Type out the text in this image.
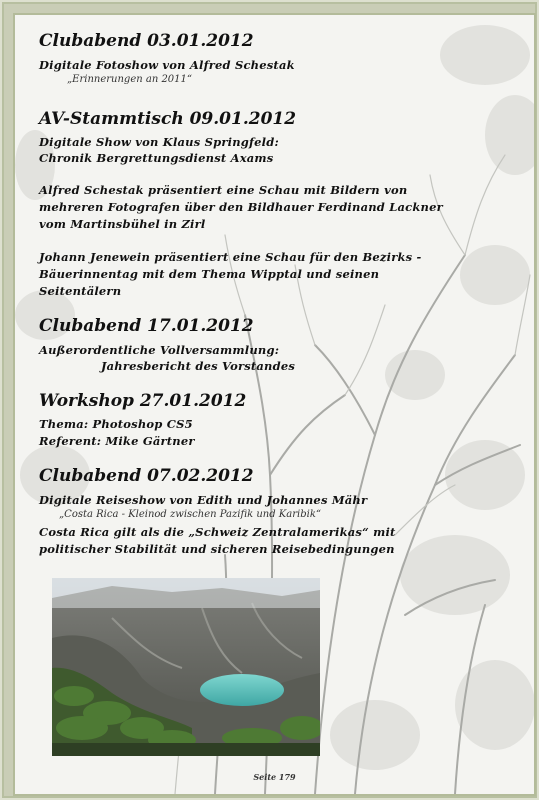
Clubabend 03.01.2012
Digitale Fotoshow von Alfred Schestak
„Erinnerungen an 2011“
AV-Stammtisch 09.01.2012
Digitale Show von Klaus Springfeld:
Chronik Bergrettungsdienst Axams
Alfred Schestak präsentiert eine Schau mit Bildern von
mehreren Fotografen über den Bildhauer Ferdinand Lackner
vom Martinsbühel in Zirl
Johann Jenewein präsentiert eine Schau für den Bezirks -
Bäuerinnentag mit dem Thema Wipptal und seinen
Seitentälern
Clubabend 17.01.2012
Außerordentliche Vollversammlung:
Jahresbericht des Vorstandes
Workshop 27.01.2012
Thema: Photoshop CS5
Referent: Mike Gärtner
Clubabend 07.02.2012
Digitale Reiseshow von Edith und Johannes Mähr
„Costa Rica - Kleinod zwischen Pazifik und Karibik“
Costa Rica gilt als die „Schweiz Zentralamerikas“ mit
politischer Stabilität und sicheren Reisebedingungen
Seite 179
